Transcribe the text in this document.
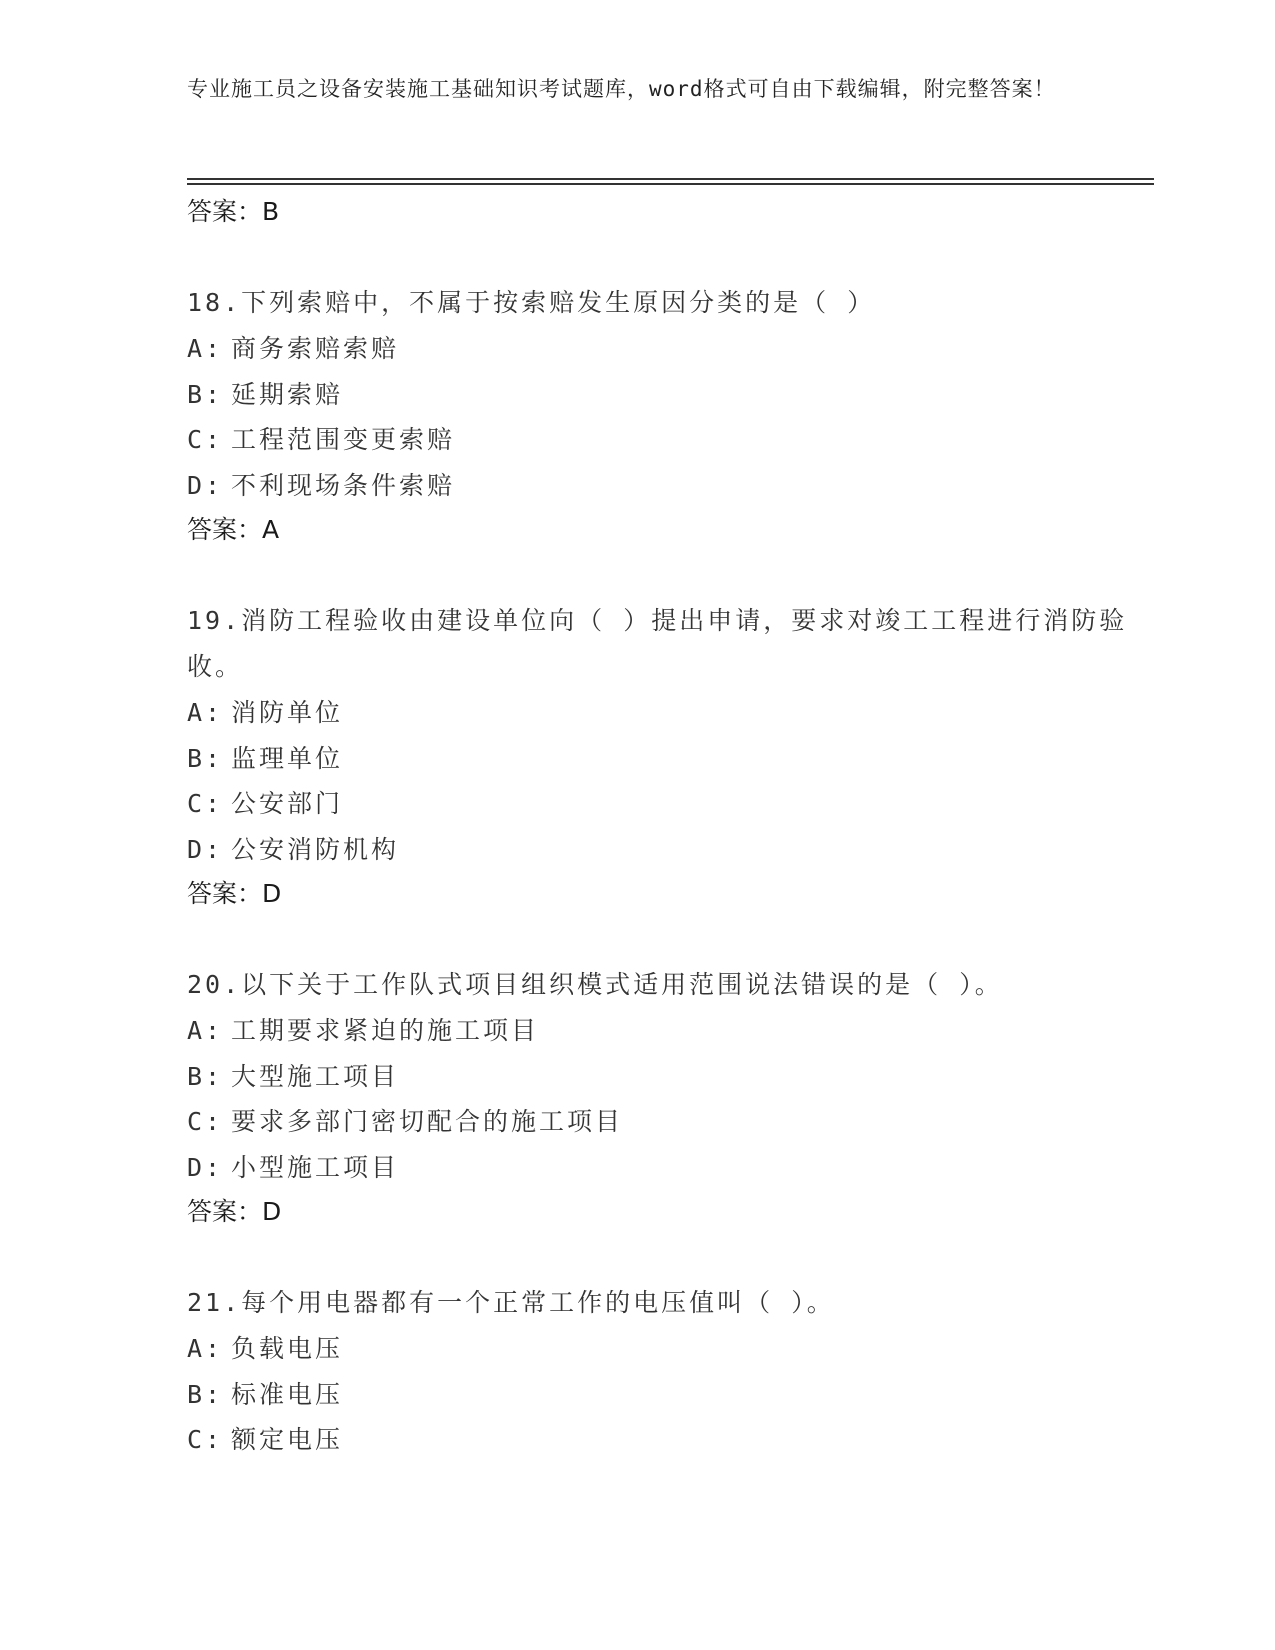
专业施工员之设备安装施工基础知识考试题库，word格式可自由下载编辑，附完整答案！
答案：B
18.下列索赔中，不属于按索赔发生原因分类的是（ ）
A: 商务索赔索赔
B: 延期索赔
C: 工程范围变更索赔
D: 不利现场条件索赔
答案：A
19.消防工程验收由建设单位向（ ）提出申请，要求对竣工工程进行消防验收。
A: 消防单位
B: 监理单位
C: 公安部门
D: 公安消防机构
答案：D
20.以下关于工作队式项目组织模式适用范围说法错误的是（ ）。
A: 工期要求紧迫的施工项目
B: 大型施工项目
C: 要求多部门密切配合的施工项目
D: 小型施工项目
答案：D
21.每个用电器都有一个正常工作的电压值叫（ ）。
A: 负载电压
B: 标准电压
C: 额定电压
